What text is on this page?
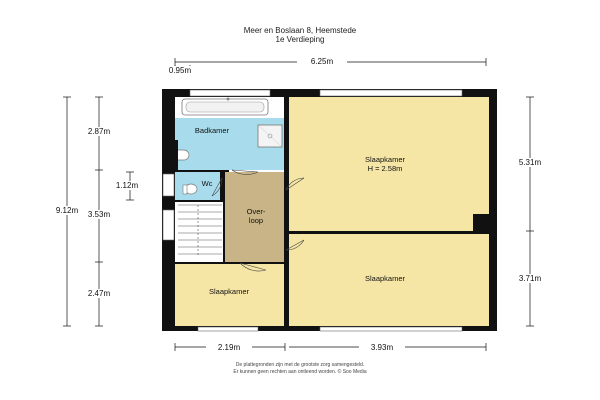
Meer en Boslaan 8, Heemstede
1e Verdieping
Badkamer
Wc
Over-
loop
Slaapkamer
H = 2.58m
Slaapkamer
Slaapkamer
0.95m
6.25m
2.19m	3.93m
9.12m
2.87m
3.53m
2.47m
1.12m
5.31m
3.71m
De plattegronden zijn met de grootste zorg samengesteld.
Er kunnen geen rechten aan ontleend worden. © Soo Media
